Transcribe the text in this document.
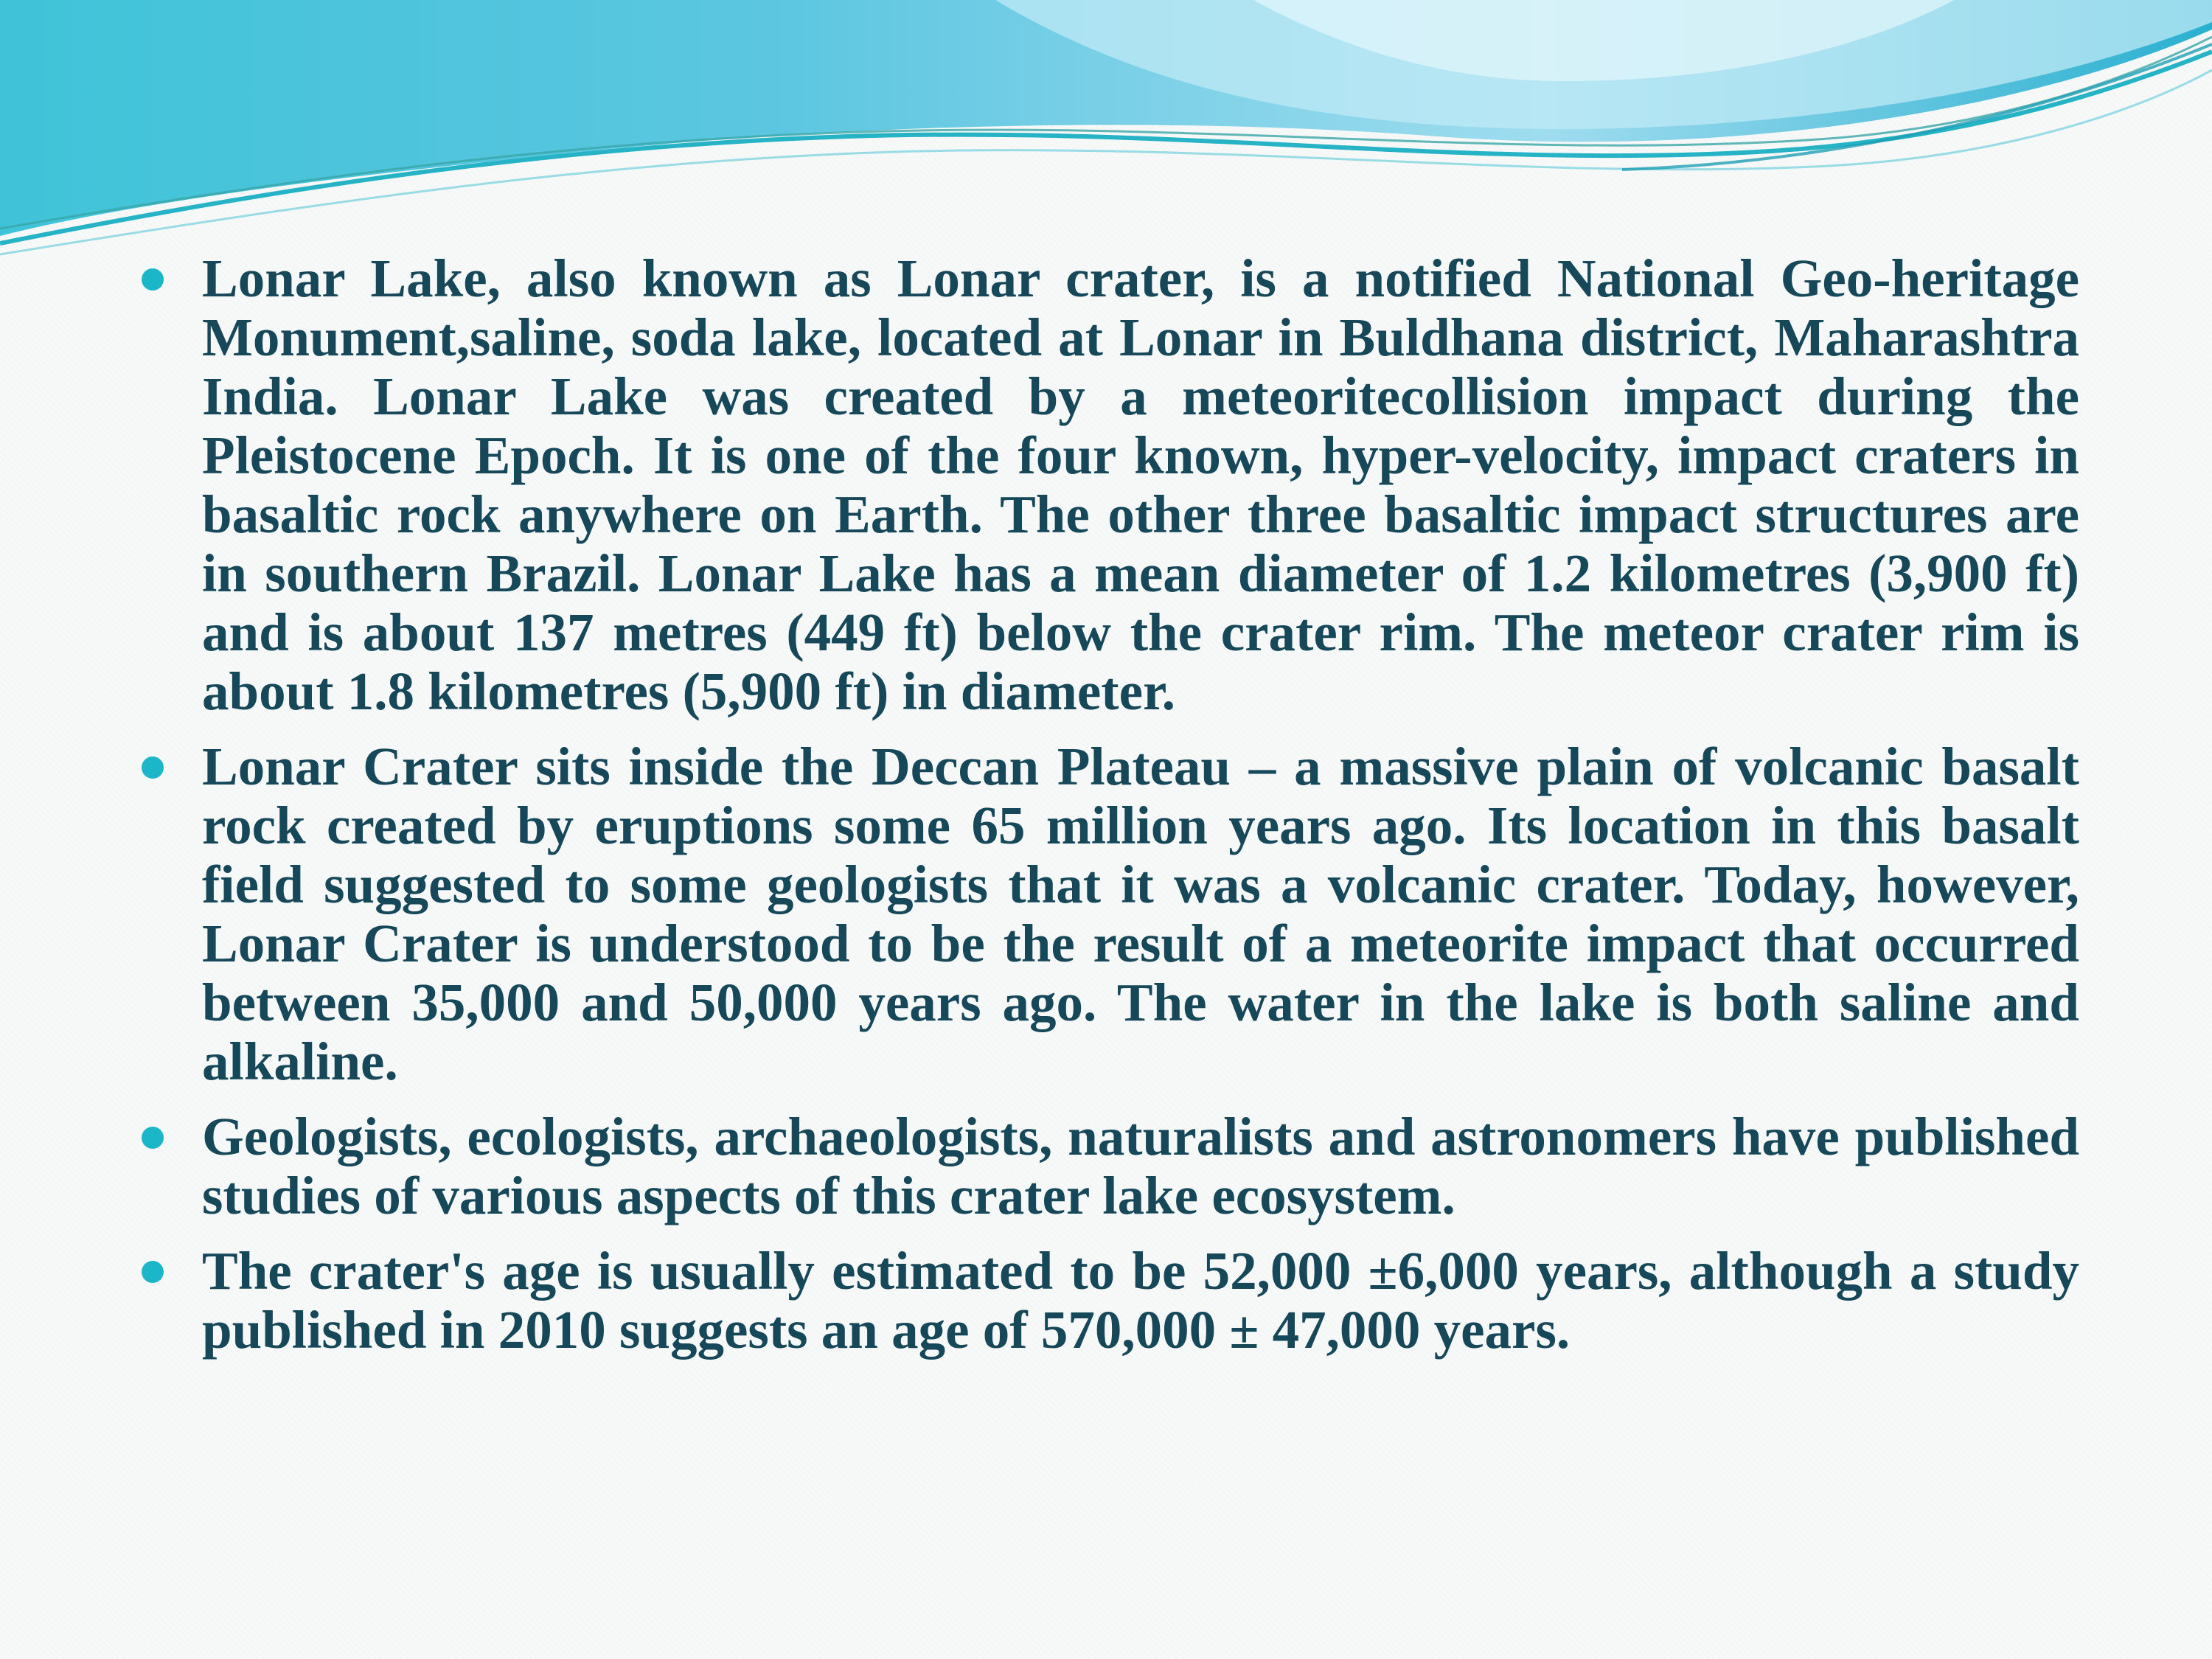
Lonar Lake, also known as Lonar crater, is a notified National Geo-heritage Monument,saline, soda lake, located at Lonar in Buldhana district, Maharashtra India. Lonar Lake was created by a meteoritecollision impact during the Pleistocene Epoch. It is one of the four known, hyper-velocity, impact craters in basaltic rock anywhere on Earth. The other three basaltic impact structures are in southern Brazil. Lonar Lake has a mean diameter of 1.2 kilometres (3,900 ft) and is about 137 metres (449 ft) below the crater rim. The meteor crater rim is about 1.8 kilometres (5,900 ft) in diameter.
Lonar Crater sits inside the Deccan Plateau – a massive plain of volcanic basalt rock created by eruptions some 65 million years ago. Its location in this basalt field suggested to some geologists that it was a volcanic crater. Today, however, Lonar Crater is understood to be the result of a meteorite impact that occurred between 35,000 and 50,000 years ago. The water in the lake is both saline and alkaline.
Geologists, ecologists, archaeologists, naturalists and astronomers have published studies of various aspects of this crater lake ecosystem.
The crater's age is usually estimated to be 52,000 ±6,000 years, although a study published in 2010 suggests an age of 570,000 ± 47,000 years.
